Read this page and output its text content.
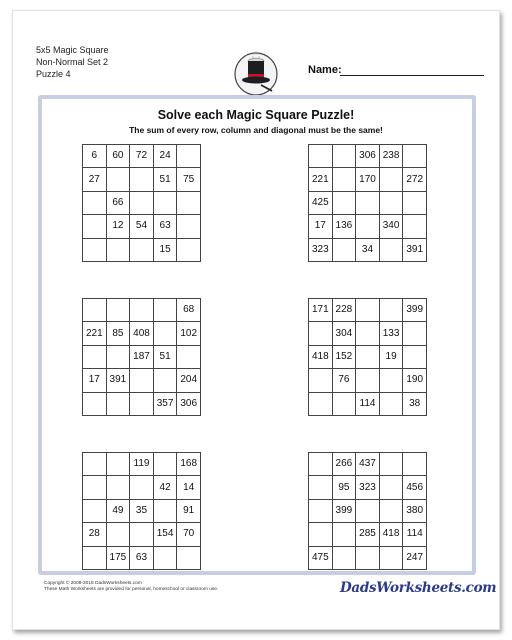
5x5 Magic Square
Non-Normal Set 2
Puzzle 4	Name:
Solve each Magic Square Puzzle!
The sum of every row, column and diagonal must be the same!
6	60	72	24	
27			51	75
	66			
	12	54	63	
			15	
		306	238	
221		170		272
425				
17	136		340	
323		34		391
				68
221	85	408		102
		187	51	
17	391			204
			357	306
171	228			399
	304		133	
418	152		19	
	76			190
		114		38
		119		168
			42	14
	49	35		91
28			154	70
	175	63		
	266	437		
	95	323		456
	399			380
		285	418	114
475				247
Copyright © 2008-2018 DadsWorksheets.com
These Math Worksheets are provided for personal, homeschool or classroom use.	DadsWorksheets.com
